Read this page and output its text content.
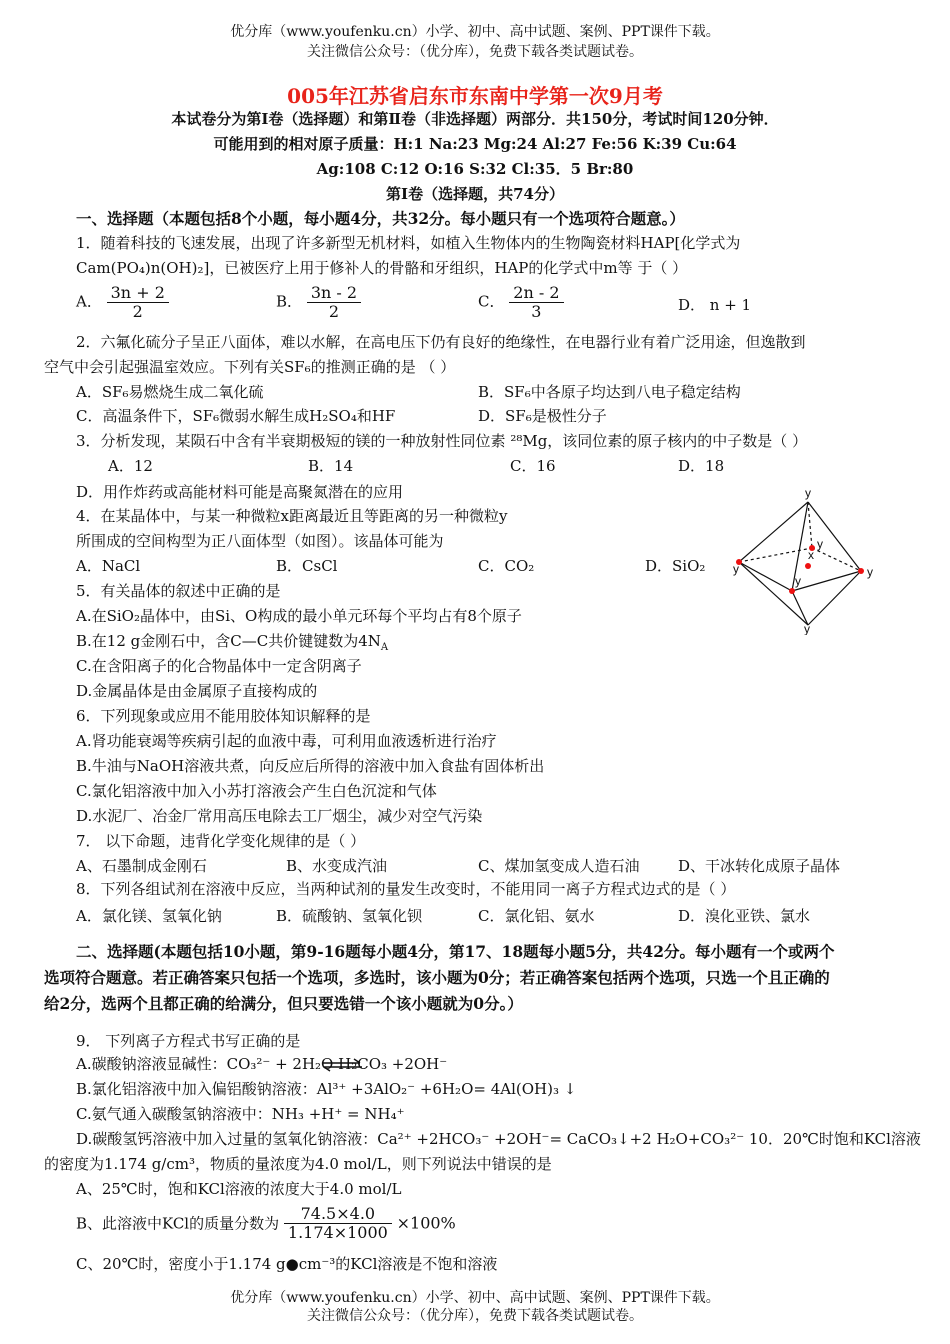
优分库（www.youfenku.cn）小学、初中、高中试题、案例、PPT课件下载。
关注微信公众号：（优分库），免费下载各类试题试卷。
005年江苏省启东市东南中学第一次9月考
本试卷分为第Ⅰ卷（选择题）和第Ⅱ卷（非选择题）两部分．共150分，考试时间120分钟．
可能用到的相对原子质量：H:1 Na:23 Mg:24 Al:27 Fe:56 K:39 Cu:64
Ag:108 C:12 O:16 S:32 Cl:35．5 Br:80
第Ⅰ卷（选择题，共74分）
一、选择题（本题包括8个小题，每小题4分，共32分。每小题只有一个选项符合题意。）
1．随着科技的飞速发展，出现了许多新型无机材料，如植入生物体内的生物陶瓷材料HAP[化学式为
Cam(PO₄)n(OH)₂]，已被医疗上用于修补人的骨骼和牙组织，HAP的化学式中m等 于（ ）
A． $\frac{3n + 2}{2}$	B． $\frac{3n - 2}{2}$	C． $\frac{2n - 2}{3}$	D． n + 1
2．六氟化硫分子呈正八面体，难以水解，在高电压下仍有良好的绝缘性，在电器行业有着广泛用途，但逸散到
空气中会引起强温室效应。下列有关SF₆的推测正确的是 （ ）
A．SF₆易燃烧生成二氧化硫	B．SF₆中各原子均达到八电子稳定结构
C．高温条件下，SF₆微弱水解生成H₂SO₄和HF	D．SF₆是极性分子
3．分析发现，某陨石中含有半衰期极短的镁的一种放射性同位素 ²⁸Mg，该同位素的原子核内的中子数是（ ）
A．12	B．14	C．16	D．18
D．用作炸药或高能材料可能是高聚氮潜在的应用
4．在某晶体中，与某一种微粒x距离最近且等距离的另一种微粒y
所围成的空间构型为正八面体型（如图）。该晶体可能为
A．NaCl	B．CsCl	C．CO₂	D．SiO₂
y
y
x
y	y
y
y
5．有关晶体的叙述中正确的是
A.在SiO₂晶体中，由Si、O构成的最小单元环每个平均占有8个原子
B.在12 g金刚石中，含C—C共价键键数为$4N_A$
C.在含阳离子的化合物晶体中一定含阴离子
D.金属晶体是由金属原子直接构成的
6．下列现象或应用不能用胶体知识解释的是
A.肾功能衰竭等疾病引起的血液中毒，可利用血液透析进行治疗
B.牛油与NaOH溶液共煮，向反应后所得的溶液中加入食盐有固体析出
C.氯化铝溶液中加入小苏打溶液会产生白色沉淀和气体
D.水泥厂、冶金厂常用高压电除去工厂烟尘，减少对空气污染
7． 以下命题，违背化学变化规律的是（ ）
A、石墨制成金刚石	B、水变成汽油	C、煤加氢变成人造石油	D、干冰转化成原子晶体
8．下列各组试剂在溶液中反应，当两种试剂的量发生改变时，不能用同一离子方程式边式的是（ ）
A．氯化镁、氢氧化钠	B．硫酸钠、氢氧化钡	C．氯化铝、氨水	D．溴化亚铁、氯水
二、选择题(本题包括10小题，第9-16题每小题4分，第17、18题每小题5分，共42分。每小题有一个或两个
选项符合题意。若正确答案只包括一个选项，多选时，该小题为0分；若正确答案包括两个选项，只选一个且正确的
给2分，选两个且都正确的给满分，但只要选错一个该小题就为0分。）
9． 下列离子方程式书写正确的是
A.碳酸钠溶液显碱性：CO₃²⁻ + 2H₂O H₂CO₃ +2OH⁻
B.氯化铝溶液中加入偏铝酸钠溶液：Al³⁺ +3AlO₂⁻ +6H₂O= 4Al(OH)₃ ↓
C.氨气通入碳酸氢钠溶液中：NH₃ +H⁺ = NH₄⁺
D.碳酸氢钙溶液中加入过量的氢氧化钠溶液：Ca²⁺ +2HCO₃⁻ +2OH⁻= CaCO₃↓+2 H₂O+CO₃²⁻ 10．20℃时饱和KCl溶液
的密度为1.174 g/cm³，物质的量浓度为4.0 mol/L，则下列说法中错误的是
A、25℃时，饱和KCl溶液的浓度大于4.0 mol/L
B、此溶液中KCl的质量分数为 $\frac{74.5\times 4.0}{1.174\times 1000} \times 100\%$
C、20℃时，密度小于1.174 g●cm⁻³的KCl溶液是不饱和溶液
优分库（www.youfenku.cn）小学、初中、高中试题、案例、PPT课件下载。
关注微信公众号：（优分库），免费下载各类试题试卷。
